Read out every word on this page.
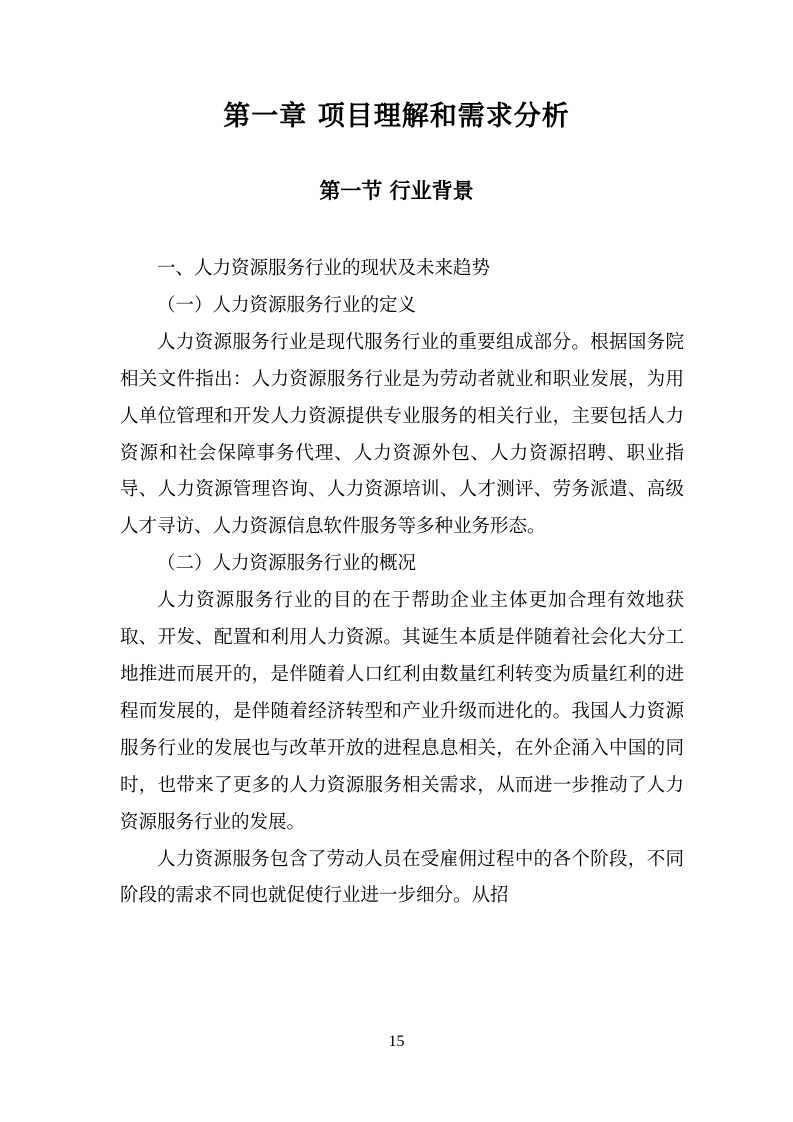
第一章 项目理解和需求分析
第一节 行业背景

一、人力资源服务行业的现状及未来趋势

（一）人力资源服务行业的定义

人力资源服务行业是现代服务行业的重要组成部分。根据国务院相关文件指出：人力资源服务行业是为劳动者就业和职业发展，为用人单位管理和开发人力资源提供专业服务的相关行业，主要包括人力资源和社会保障事务代理、人力资源外包、人力资源招聘、职业指导、人力资源管理咨询、人力资源培训、人才测评、劳务派遣、高级人才寻访、人力资源信息软件服务等多种业务形态。

（二）人力资源服务行业的概况

人力资源服务行业的目的在于帮助企业主体更加合理有效地获取、开发、配置和利用人力资源。其诞生本质是伴随着社会化大分工地推进而展开的，是伴随着人口红利由数量红利转变为质量红利的进程而发展的，是伴随着经济转型和产业升级而进化的。我国人力资源服务行业的发展也与改革开放的进程息息相关，在外企涌入中国的同时，也带来了更多的人力资源服务相关需求，从而进一步推动了人力资源服务行业的发展。

人力资源服务包含了劳动人员在受雇佣过程中的各个阶段，不同阶段的需求不同也就促使行业进一步细分。从招

15
